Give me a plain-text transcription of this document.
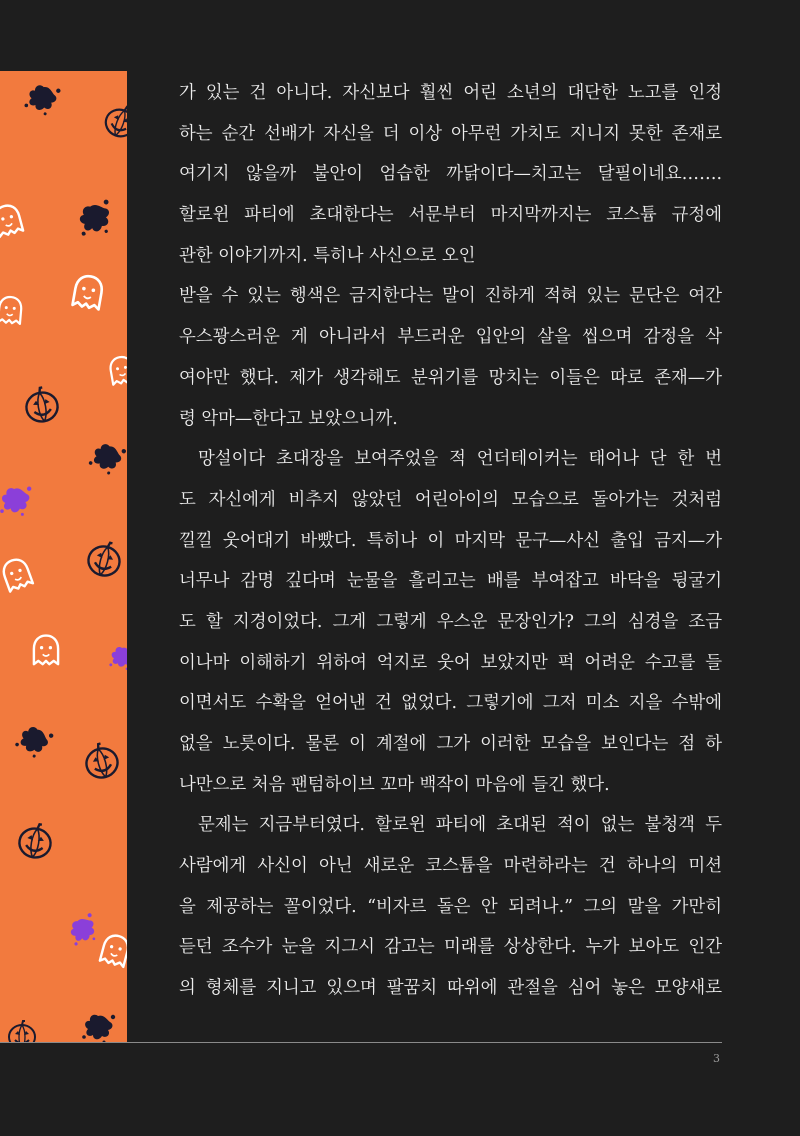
가 있는 건 아니다. 자신보다 훨씬 어린 소년의 대단한 노고를 인정
하는 순간 선배가 자신을 더 이상 아무런 가치도 지니지 못한 존재로
여기지 않을까 불안이 엄습한 까닭이다—치고는 달필이네요…….
할로윈 파티에 초대한다는 서문부터 마지막까지는 코스튬 규정에
관한 이야기까지. 특히나 사신으로 오인
받을 수 있는 행색은 금지한다는 말이 진하게 적혀 있는 문단은 여간
우스꽝스러운 게 아니라서 부드러운 입안의 살을 씹으며 감정을 삭
여야만 했다. 제가 생각해도 분위기를 망치는 이들은 따로 존재—가
령 악마—한다고 보았으니까.
망설이다 초대장을 보여주었을 적 언더테이커는 태어나 단 한 번
도 자신에게 비추지 않았던 어린아이의 모습으로 돌아가는 것처럼
낄낄 웃어대기 바빴다. 특히나 이 마지막 문구—사신 출입 금지—가
너무나 감명 깊다며 눈물을 흘리고는 배를 부여잡고 바닥을 뒹굴기
도 할 지경이었다. 그게 그렇게 우스운 문장인가? 그의 심경을 조금
이나마 이해하기 위하여 억지로 웃어 보았지만 퍽 어려운 수고를 들
이면서도 수확을 얻어낸 건 없었다. 그렇기에 그저 미소 지을 수밖에
없을 노릇이다. 물론 이 계절에 그가 이러한 모습을 보인다는 점 하
나만으로 처음 팬텀하이브 꼬마 백작이 마음에 들긴 했다.
문제는 지금부터였다. 할로윈 파티에 초대된 적이 없는 불청객 두
사람에게 사신이 아닌 새로운 코스튬을 마련하라는 건 하나의 미션
을 제공하는 꼴이었다. “비자르 돌은 안 되려나.” 그의 말을 가만히
듣던 조수가 눈을 지그시 감고는 미래를 상상한다. 누가 보아도 인간
의 형체를 지니고 있으며 팔꿈치 따위에 관절을 심어 놓은 모양새로
3
